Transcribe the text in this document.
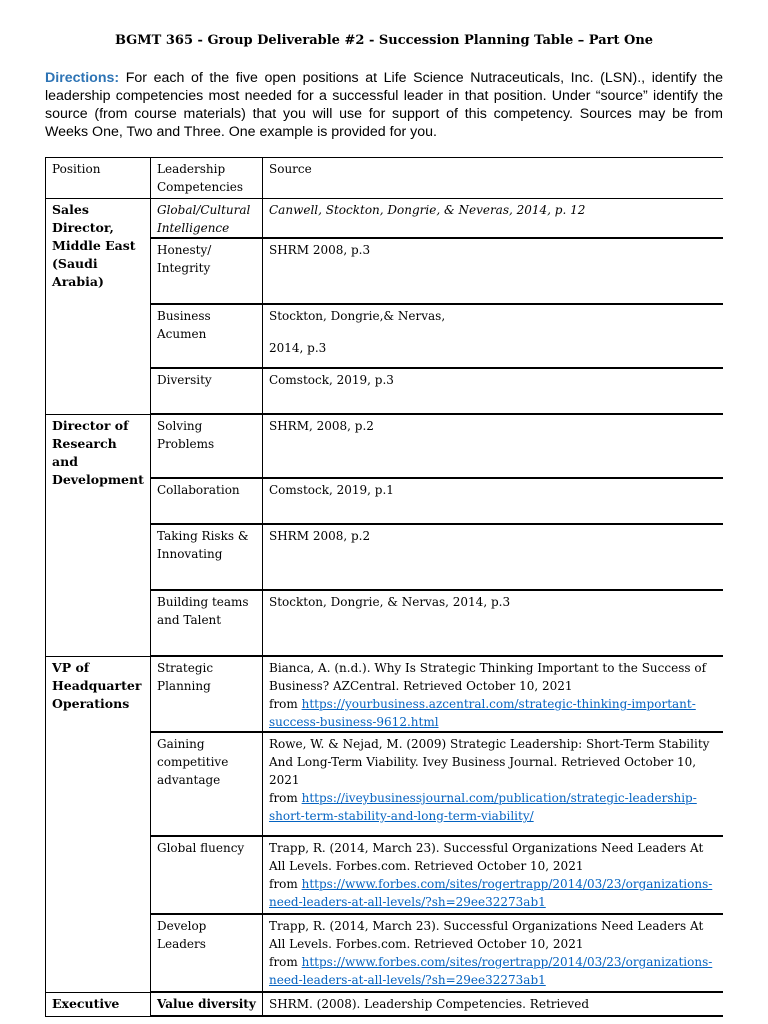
BGMT 365 - Group Deliverable #2 - Succession Planning Table – Part One

Directions: For each of the five open positions at Life Science Nutraceuticals, Inc. (LSN)., identify the leadership competencies most needed for a successful leader in that position. Under “source” identify the source (from course materials) that you will use for support of this competency. Sources may be from Weeks One, Two and Three. One example is provided for you.

Position	Leadership Competencies	Source
Sales Director, Middle East (Saudi Arabia)	Global/Cultural Intelligence	Canwell, Stockton, Dongrie, & Neveras, 2014, p. 12
	Honesty/ Integrity	SHRM 2008, p.3
	Business Acumen	Stockton, Dongrie,& Nervas,
2014, p.3
	Diversity	Comstock, 2019, p.3
Director of Research and Development	Solving Problems	SHRM, 2008, p.2
	Collaboration	Comstock, 2019, p.1
	Taking Risks & Innovating	SHRM 2008, p.2
	Building teams and Talent	Stockton, Dongrie, & Nervas, 2014, p.3
VP of Headquarter Operations	Strategic Planning	Bianca, A. (n.d.). Why Is Strategic Thinking Important to the Success of Business? AZCentral. Retrieved October 10, 2021
from https://yourbusiness.azcentral.com/strategic-thinking-important-success-business-9612.html
	Gaining competitive advantage	Rowe, W. & Nejad, M. (2009) Strategic Leadership: Short-Term Stability And Long-Term Viability. Ivey Business Journal. Retrieved October 10, 2021
from https://iveybusinessjournal.com/publication/strategic-leadership-short-term-stability-and-long-term-viability/
	Global fluency	Trapp, R. (2014, March 23). Successful Organizations Need Leaders At All Levels. Forbes.com. Retrieved October 10, 2021
from https://www.forbes.com/sites/rogertrapp/2014/03/23/organizations-need-leaders-at-all-levels/?sh=29ee32273ab1
	Develop Leaders	Trapp, R. (2014, March 23). Successful Organizations Need Leaders At All Levels. Forbes.com. Retrieved October 10, 2021
from https://www.forbes.com/sites/rogertrapp/2014/03/23/organizations-need-leaders-at-all-levels/?sh=29ee32273ab1
Executive	Value diversity	SHRM. (2008). Leadership Competencies. Retrieved
